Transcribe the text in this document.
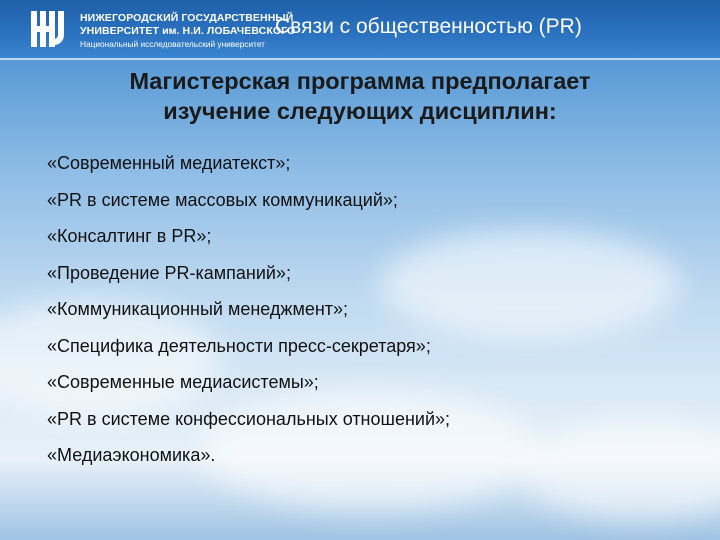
НИЖЕГОРОДСКИЙ ГОСУДАРСТВЕННЫЙ
УНИВЕРСИТЕТ им. Н.И. ЛОБАЧЕВСКОГО
Национальный исследовательский университет
Связи с общественностью (PR)
Магистерская программа предполагает
изучение следующих дисциплин:
«Современный медиатекст»;
«PR в системе массовых коммуникаций»;
«Консалтинг в PR»;
«Проведение PR-кампаний»;
«Коммуникационный менеджмент»;
«Специфика деятельности пресс-секретаря»;
«Современные медиасистемы»;
«PR в системе конфессиональных отношений»;
«Медиаэкономика».
